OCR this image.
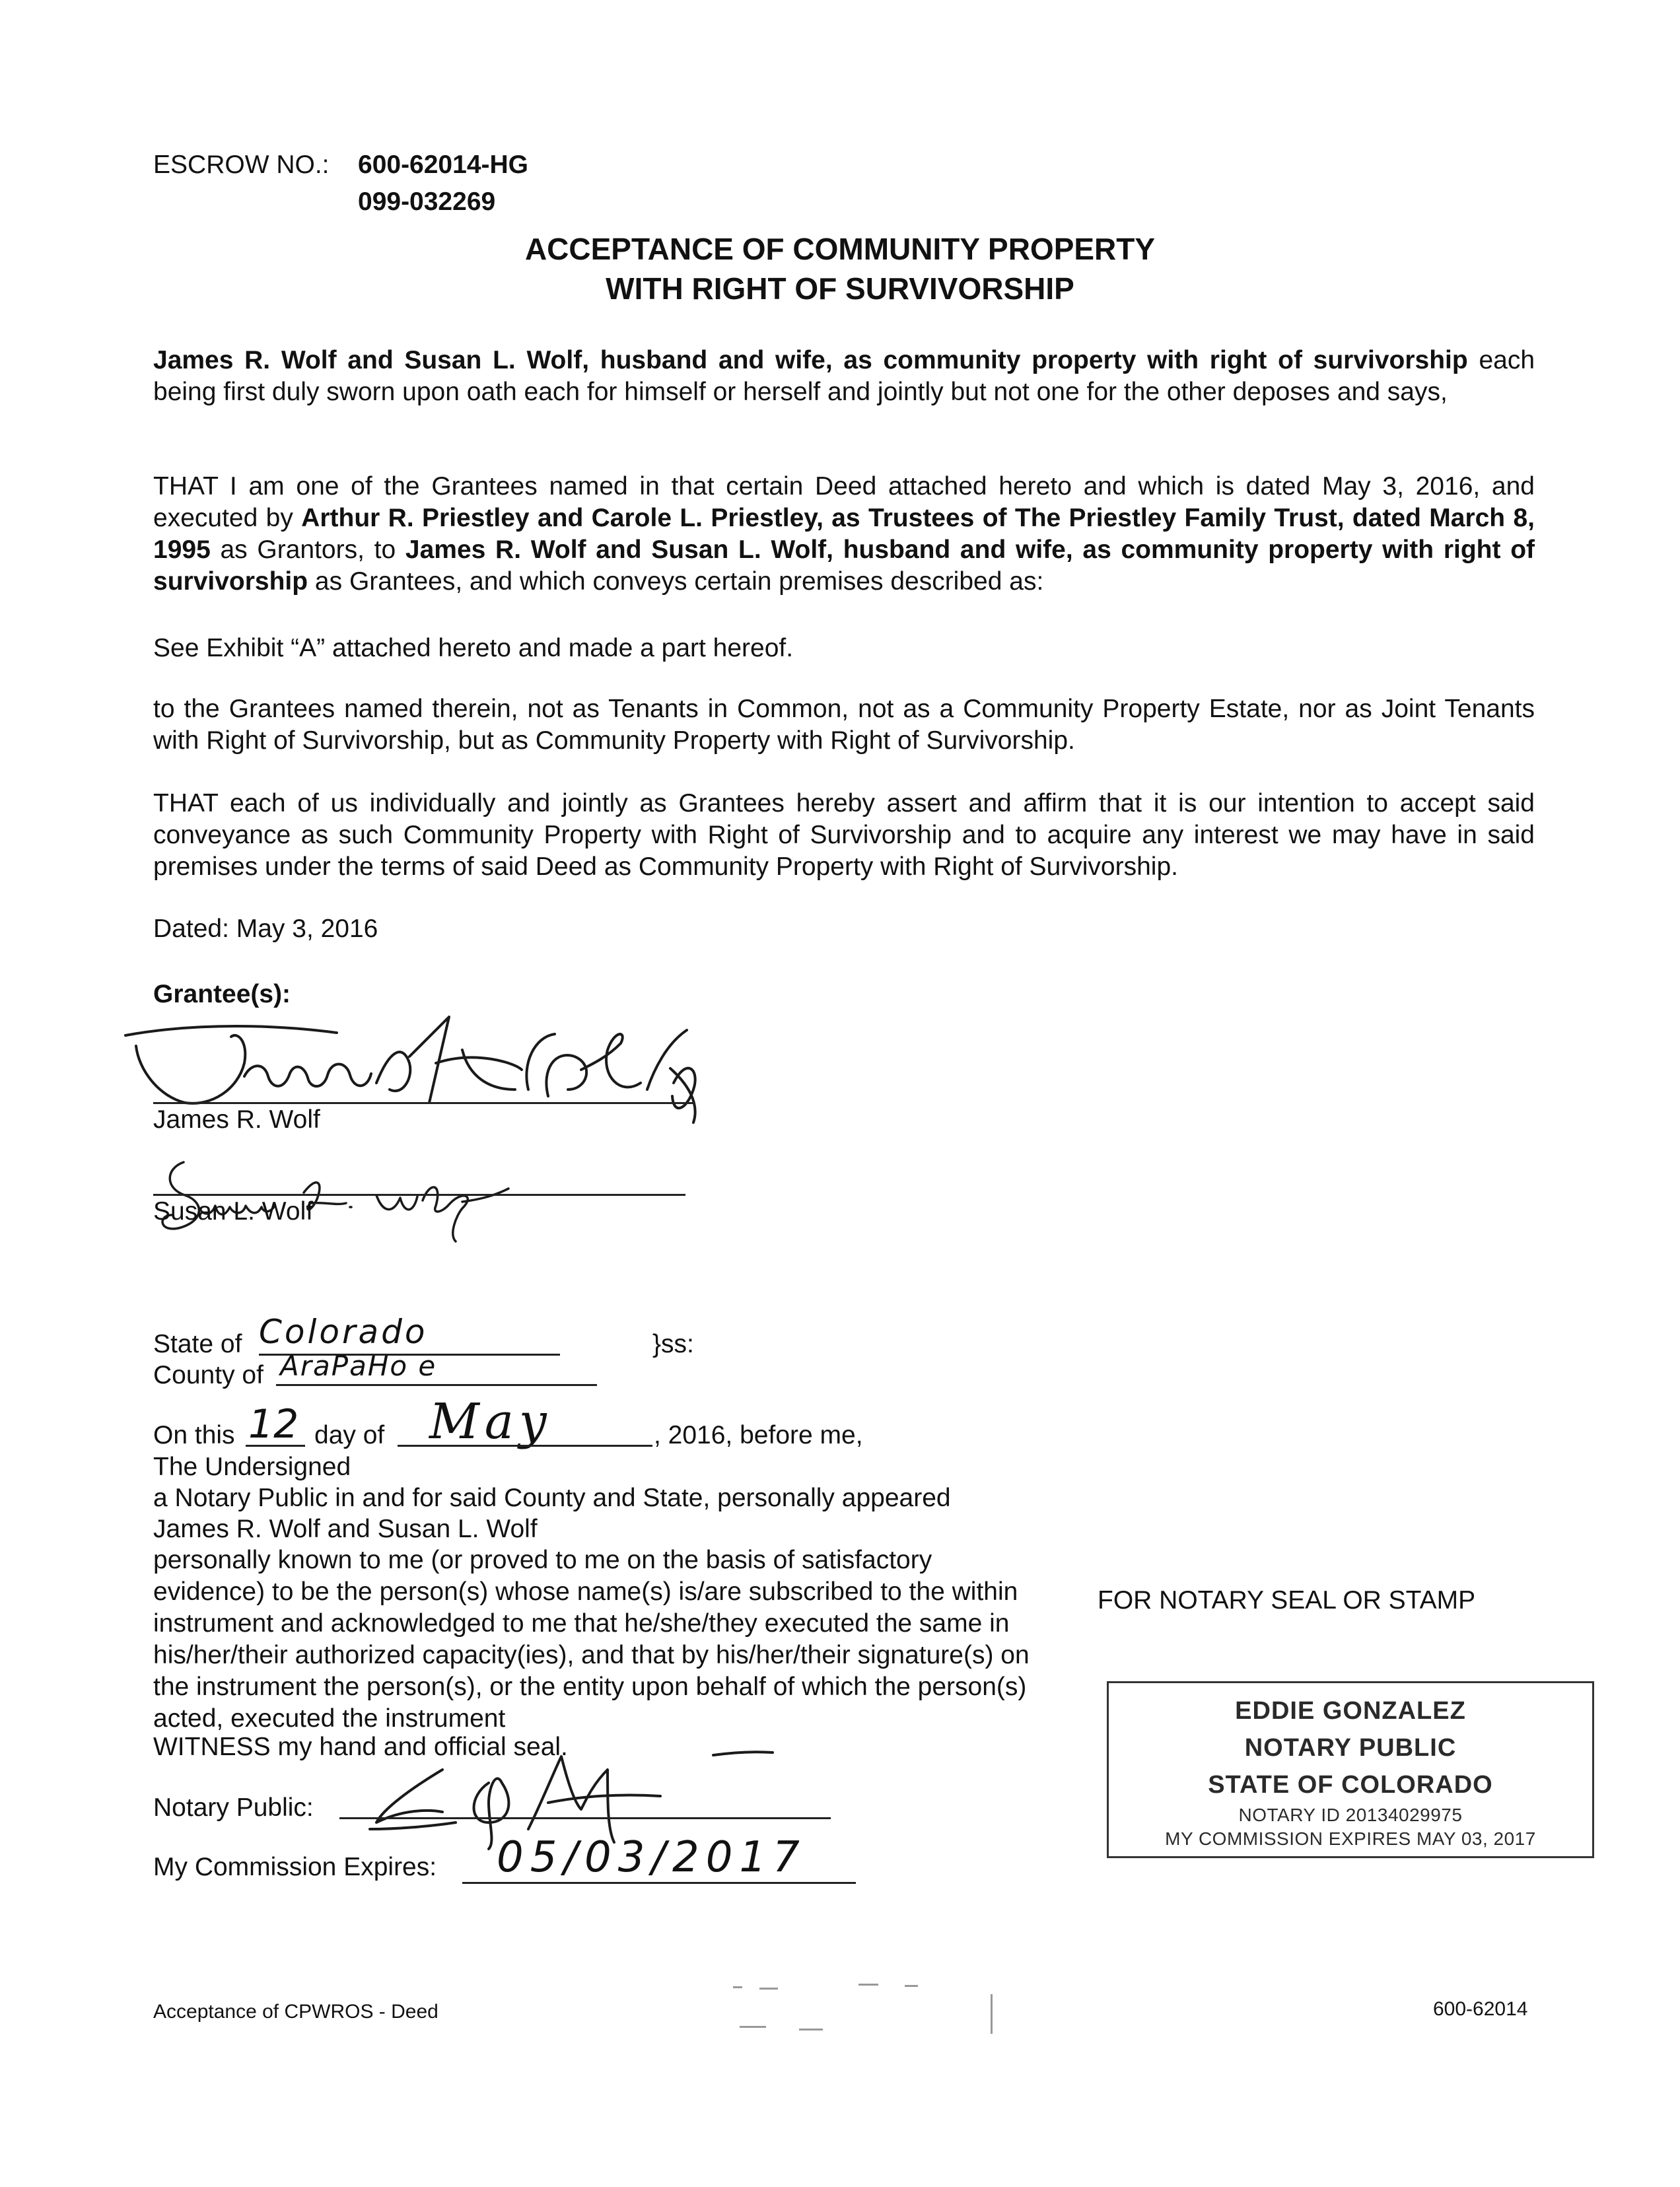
ESCROW NO.: 600-62014-HG
099-032269
ACCEPTANCE OF COMMUNITY PROPERTY
WITH RIGHT OF SURVIVORSHIP
James R. Wolf and Susan L. Wolf, husband and wife, as community property with right of survivorship each being first duly sworn upon oath each for himself or herself and jointly but not one for the other deposes and says,
THAT I am one of the Grantees named in that certain Deed attached hereto and which is dated May 3, 2016, and executed by Arthur R. Priestley and Carole L. Priestley, as Trustees of The Priestley Family Trust, dated March 8, 1995 as Grantors, to James R. Wolf and Susan L. Wolf, husband and wife, as community property with right of survivorship as Grantees, and which conveys certain premises described as:
See Exhibit “A” attached hereto and made a part hereof.
to the Grantees named therein, not as Tenants in Common, not as a Community Property Estate, nor as Joint Tenants with Right of Survivorship, but as Community Property with Right of Survivorship.
THAT each of us individually and jointly as Grantees hereby assert and affirm that it is our intention to accept said conveyance as such Community Property with Right of Survivorship and to acquire any interest we may have in said premises under the terms of said Deed as Community Property with Right of Survivorship.
Dated: May 3, 2016
Grantee(s):
James R. Wolf
Susan L. Wolf
State of Colorado	}ss:
County of AraPaHo e
On this 12 day of May	, 2016, before me,
The Undersigned
a Notary Public in and for said County and State, personally appeared
James R. Wolf and Susan L. Wolf
personally known to me (or proved to me on the basis of satisfactory evidence) to be the person(s) whose name(s) is/are subscribed to the within instrument and acknowledged to me that he/she/they executed the same in his/her/their authorized capacity(ies), and that by his/her/their signature(s) on the instrument the person(s), or the entity upon behalf of which the person(s) acted, executed the instrument
WITNESS my hand and official seal.
Notary Public:
My Commission Expires: 05/03/2017
FOR NOTARY SEAL OR STAMP
EDDIE GONZALEZ
NOTARY PUBLIC
STATE OF COLORADO
NOTARY ID 20134029975
MY COMMISSION EXPIRES MAY 03, 2017
Acceptance of CPWROS - Deed	600-62014
